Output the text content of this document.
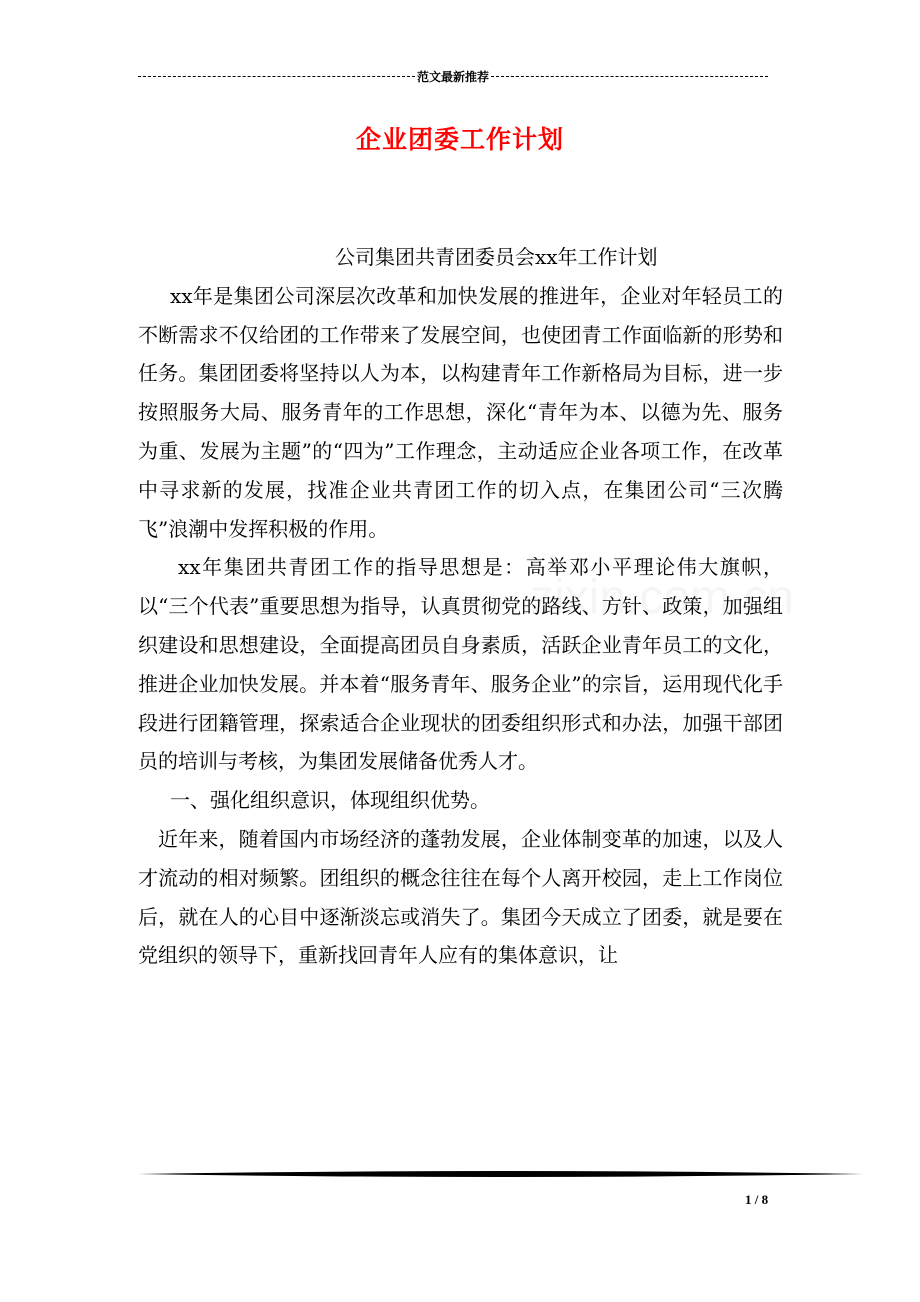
范文最新推荐
企业团委工作计划

公司集团共青团委员会xx年工作计划

xx年是集团公司深层次改革和加快发展的推进年，企业对年轻员工的不断需求不仅给团的工作带来了发展空间，也使团青工作面临新的形势和任务。集团团委将坚持以人为本，以构建青年工作新格局为目标，进一步按照服务大局、服务青年的工作思想，深化“青年为本、以德为先、服务为重、发展为主题”的“四为”工作理念，主动适应企业各项工作，在改革中寻求新的发展，找准企业共青团工作的切入点，在集团公司“三次腾飞”浪潮中发挥积极的作用。

xx年集团共青团工作的指导思想是：高举邓小平理论伟大旗帜，以“三个代表”重要思想为指导，认真贯彻党的路线、方针、政策，加强组织建设和思想建设，全面提高团员自身素质，活跃企业青年员工的文化，推进企业加快发展。并本着“服务青年、服务企业”的宗旨，运用现代化手段进行团籍管理，探索适合企业现状的团委组织形式和办法，加强干部团员的培训与考核，为集团发展储备优秀人才。

一、强化组织意识，体现组织优势。

近年来，随着国内市场经济的蓬勃发展，企业体制变革的加速，以及人才流动的相对频繁。团组织的概念往往在每个人离开校园，走上工作岗位后，就在人的心目中逐渐淡忘或消失了。集团今天成立了团委，就是要在党组织的领导下，重新找回青年人应有的集体意识，让

1 / 8
